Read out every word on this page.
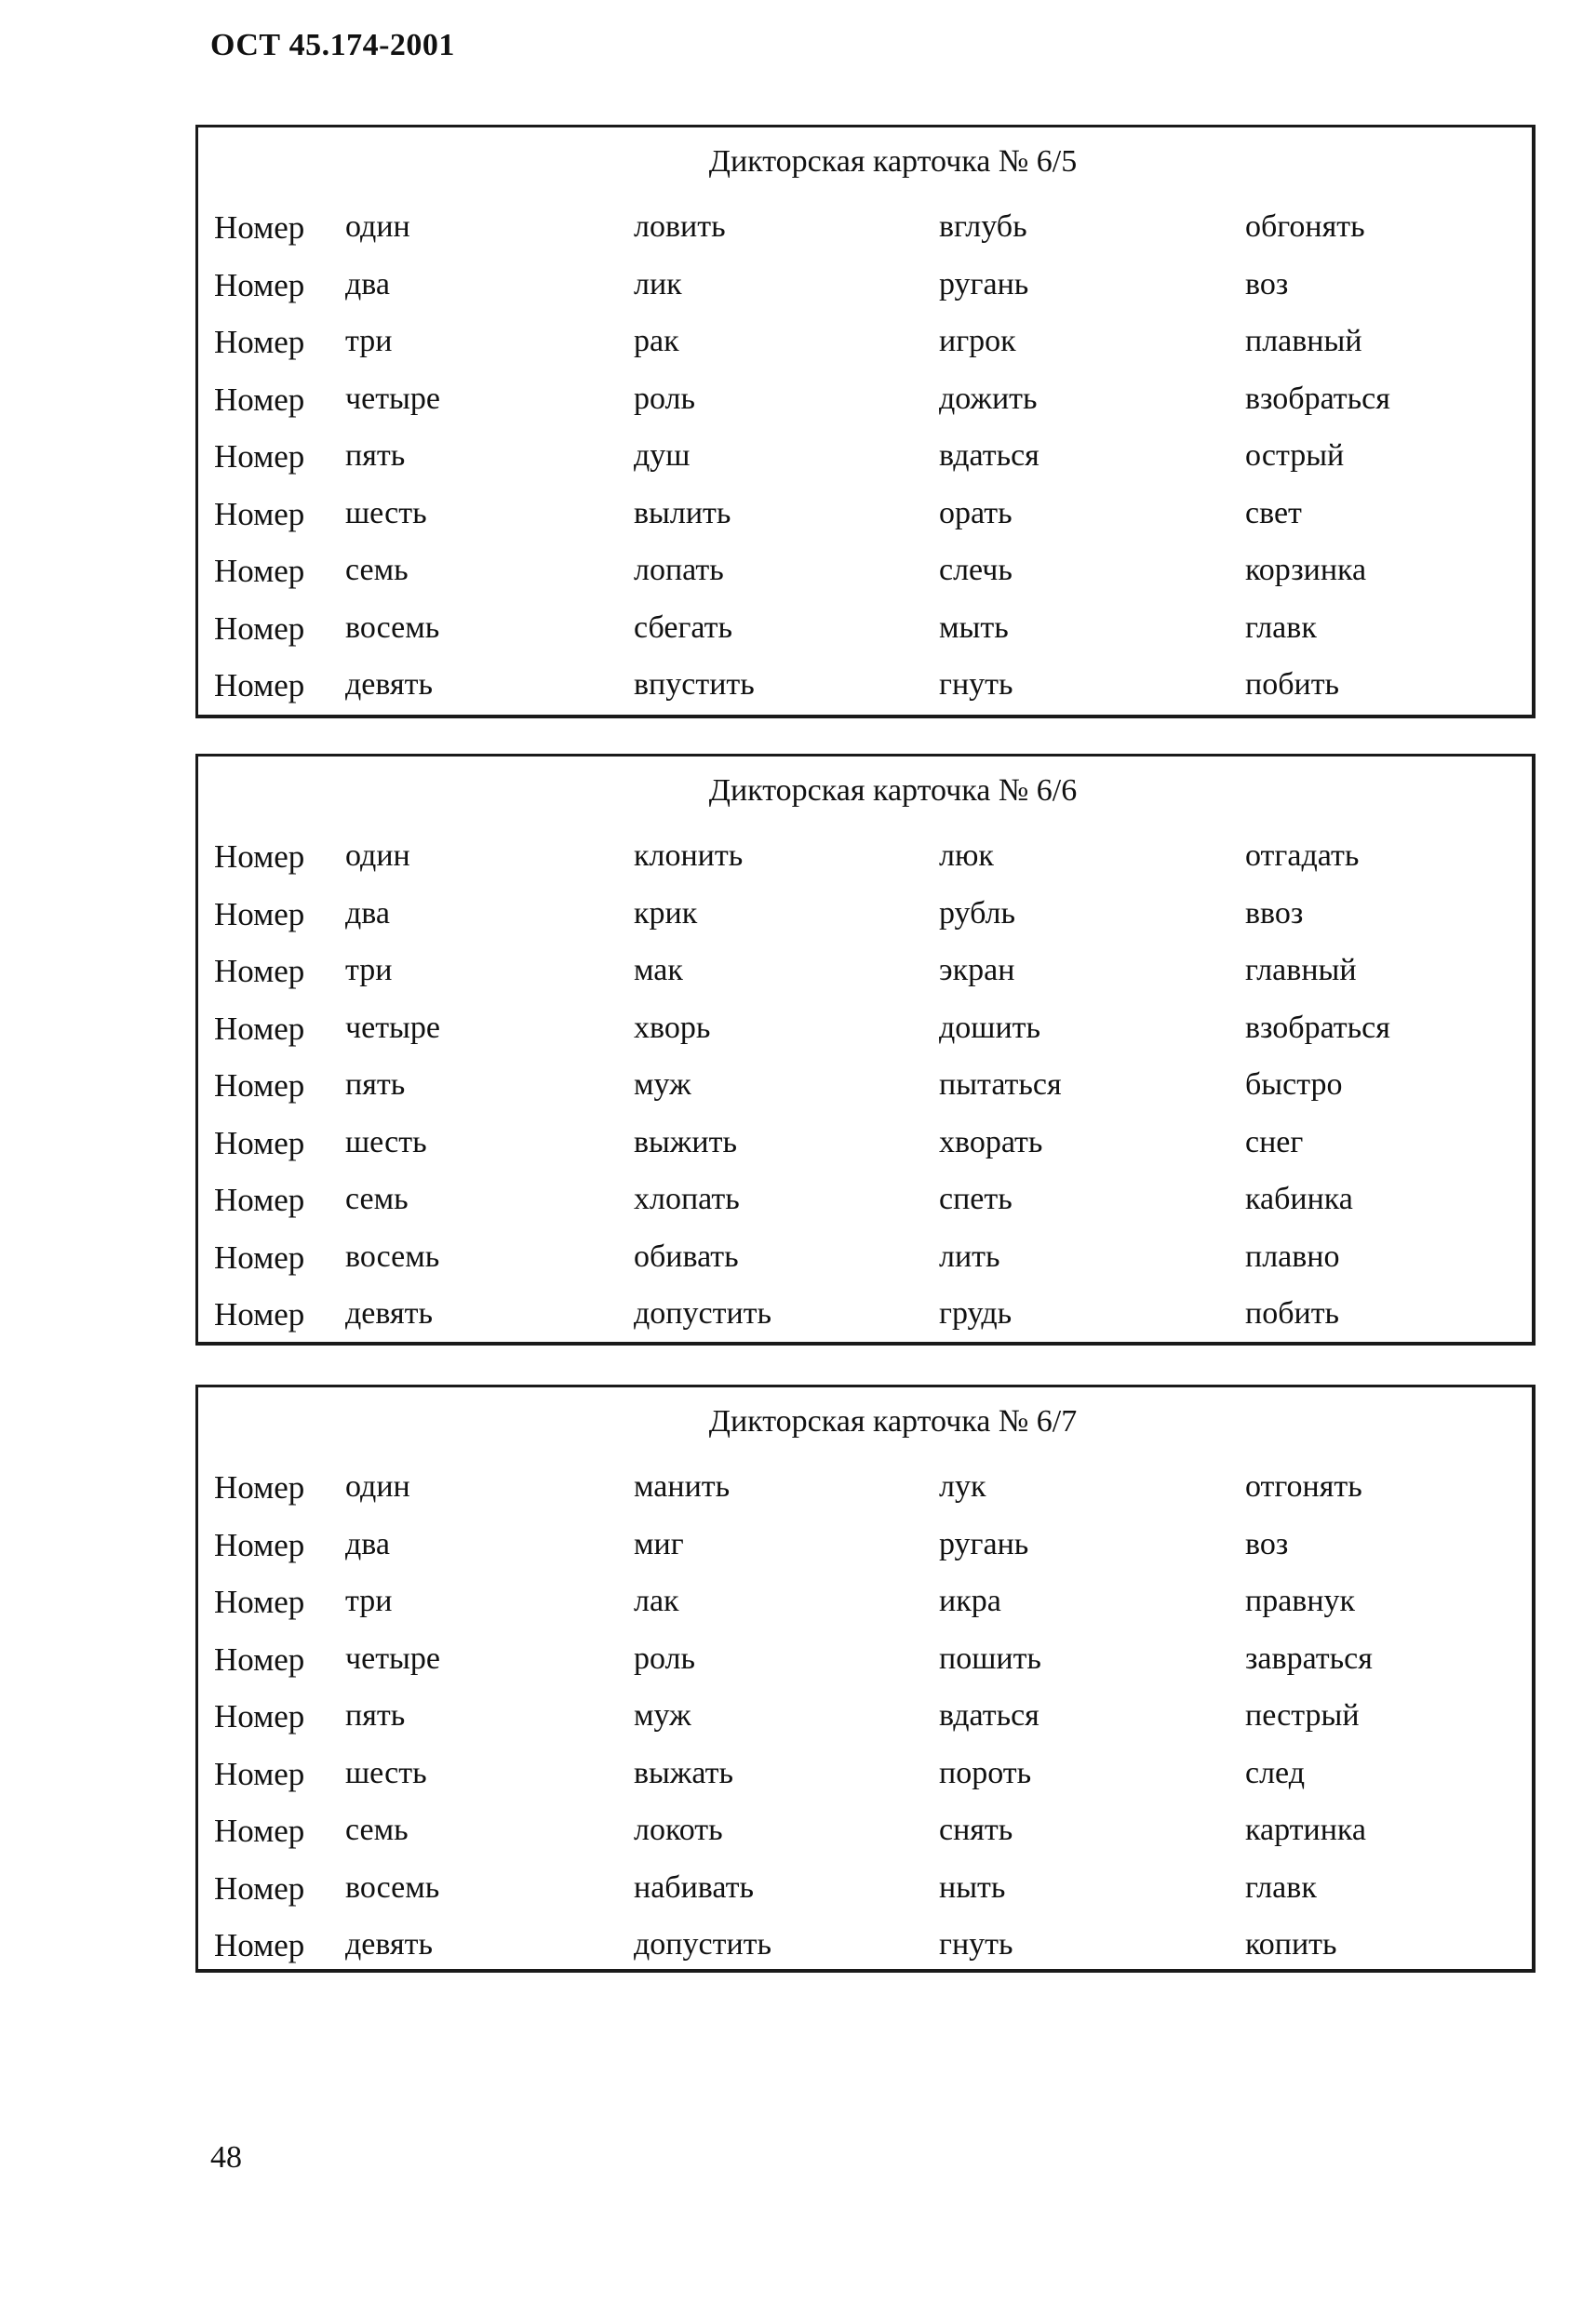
ОСТ 45.174-2001
Дикторская карточка № 6/5
Номер один	ловить	вглубь	обгонять
Номер два	лик	ругань	воз
Номер три	рак	игрок	плавный
Номер четыре	роль	дожить	взобраться
Номер пять	душ	вдаться	острый
Номер шесть	вылить	орать	свет
Номер семь	лопать	слечь	корзинка
Номер восемь	сбегать	мыть	главк
Номер девять	впустить	гнуть	побить
Дикторская карточка № 6/6
Номер один	клонить	люк	отгадать
Номер два	крик	рубль	ввоз
Номер три	мак	экран	главный
Номер четыре	хворь	дошить	взобраться
Номер пять	муж	пытаться	быстро
Номер шесть	выжить	хворать	снег
Номер семь	хлопать	спеть	кабинка
Номер восемь	обивать	лить	плавно
Номер девять	допустить	грудь	побить
Дикторская карточка № 6/7
Номер один	манить	лук	отгонять
Номер два	миг	ругань	воз
Номер три	лак	икра	правнук
Номер четыре	роль	пошить	завраться
Номер пять	муж	вдаться	пестрый
Номер шесть	выжать	пороть	след
Номер семь	локоть	снять	картинка
Номер восемь	набивать	ныть	главк
Номер девять	допустить	гнуть	копить
48
